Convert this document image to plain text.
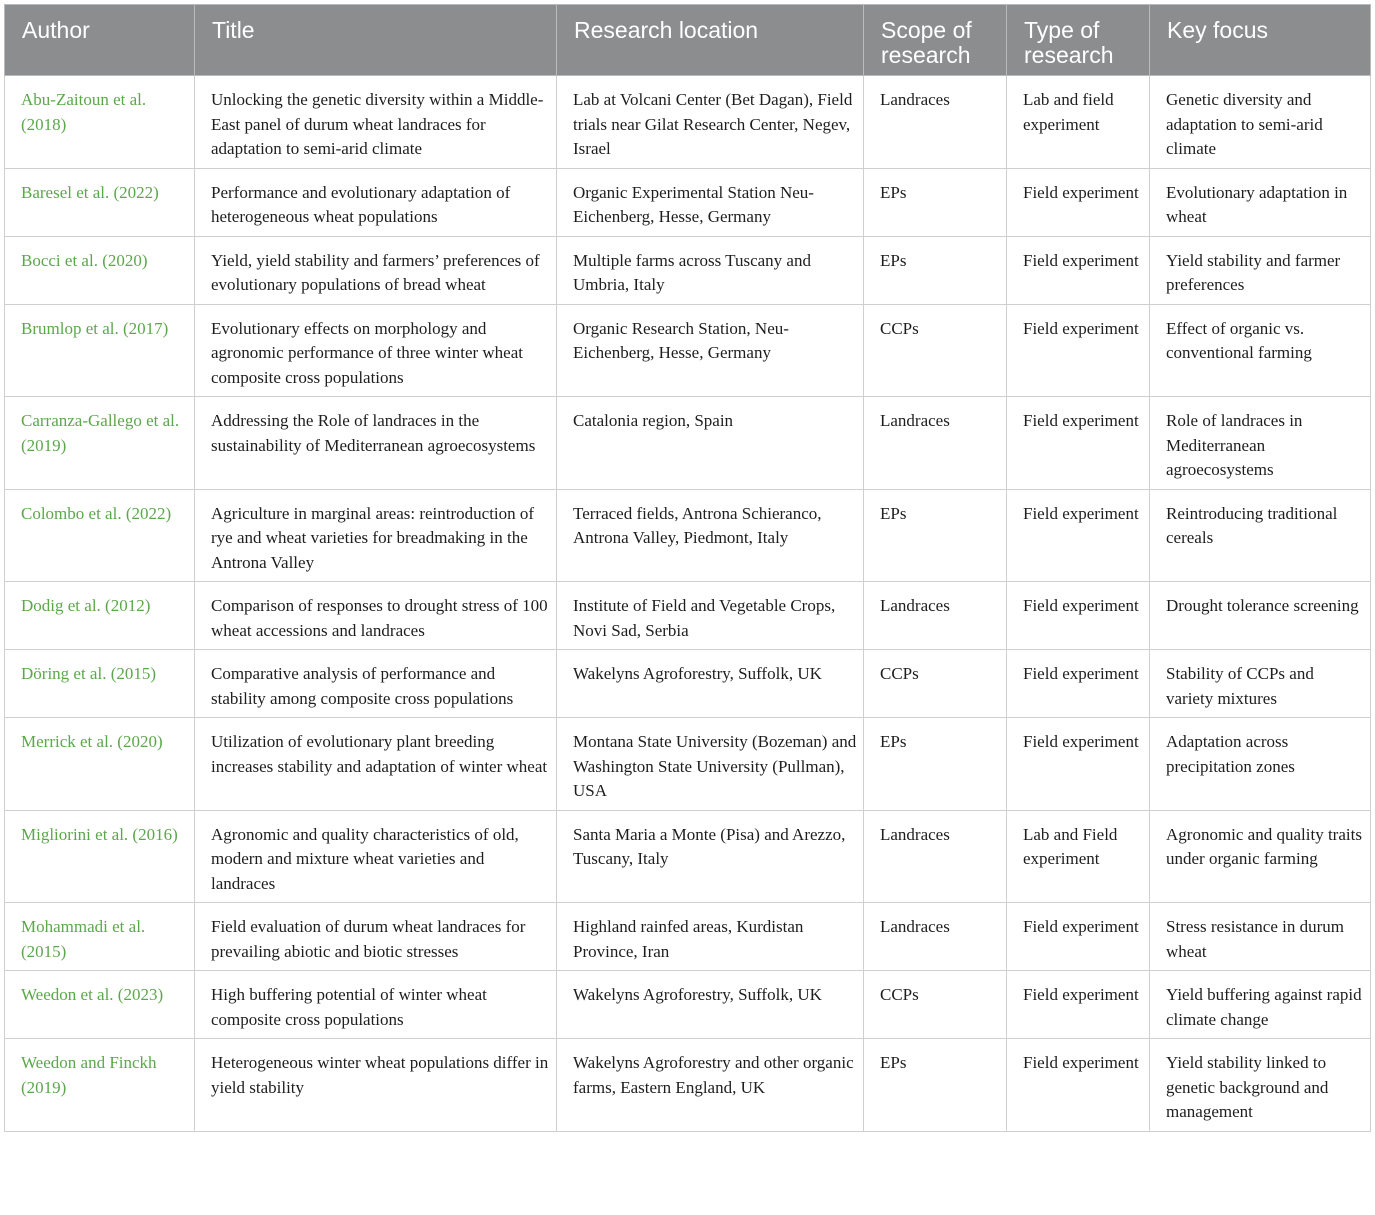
Author	Title	Research location	Scope of research	Type of research	Key focus
Abu-Zaitoun et al. (2018)	Unlocking the genetic diversity within a Middle-East panel of durum wheat landraces for adaptation to semi-arid climate	Lab at Volcani Center (Bet Dagan), Field trials near Gilat Research Center, Negev, Israel	Landraces	Lab and field experiment	Genetic diversity and adaptation to semi-arid climate
Baresel et al. (2022)	Performance and evolutionary adaptation of heterogeneous wheat populations	Organic Experimental Station Neu-Eichenberg, Hesse, Germany	EPs	Field experiment	Evolutionary adaptation in wheat
Bocci et al. (2020)	Yield, yield stability and farmers’ preferences of evolutionary populations of bread wheat	Multiple farms across Tuscany and Umbria, Italy	EPs	Field experiment	Yield stability and farmer preferences
Brumlop et al. (2017)	Evolutionary effects on morphology and agronomic performance of three winter wheat composite cross populations	Organic Research Station, Neu-Eichenberg, Hesse, Germany	CCPs	Field experiment	Effect of organic vs. conventional farming
Carranza-Gallego et al. (2019)	Addressing the Role of landraces in the sustainability of Mediterranean agroecosystems	Catalonia region, Spain	Landraces	Field experiment	Role of landraces in Mediterranean agroecosystems
Colombo et al. (2022)	Agriculture in marginal areas: reintroduction of rye and wheat varieties for breadmaking in the Antrona Valley	Terraced fields, Antrona Schieranco, Antrona Valley, Piedmont, Italy	EPs	Field experiment	Reintroducing traditional cereals
Dodig et al. (2012)	Comparison of responses to drought stress of 100 wheat accessions and landraces	Institute of Field and Vegetable Crops, Novi Sad, Serbia	Landraces	Field experiment	Drought tolerance screening
Döring et al. (2015)	Comparative analysis of performance and stability among composite cross populations	Wakelyns Agroforestry, Suffolk, UK	CCPs	Field experiment	Stability of CCPs and variety mixtures
Merrick et al. (2020)	Utilization of evolutionary plant breeding increases stability and adaptation of winter wheat	Montana State University (Bozeman) and Washington State University (Pullman), USA	EPs	Field experiment	Adaptation across precipitation zones
Migliorini et al. (2016)	Agronomic and quality characteristics of old, modern and mixture wheat varieties and landraces	Santa Maria a Monte (Pisa) and Arezzo, Tuscany, Italy	Landraces	Lab and Field experiment	Agronomic and quality traits under organic farming
Mohammadi et al. (2015)	Field evaluation of durum wheat landraces for prevailing abiotic and biotic stresses	Highland rainfed areas, Kurdistan Province, Iran	Landraces	Field experiment	Stress resistance in durum wheat
Weedon et al. (2023)	High buffering potential of winter wheat composite cross populations	Wakelyns Agroforestry, Suffolk, UK	CCPs	Field experiment	Yield buffering against rapid climate change
Weedon and Finckh (2019)	Heterogeneous winter wheat populations differ in yield stability	Wakelyns Agroforestry and other organic farms, Eastern England, UK	EPs	Field experiment	Yield stability linked to genetic background and management
